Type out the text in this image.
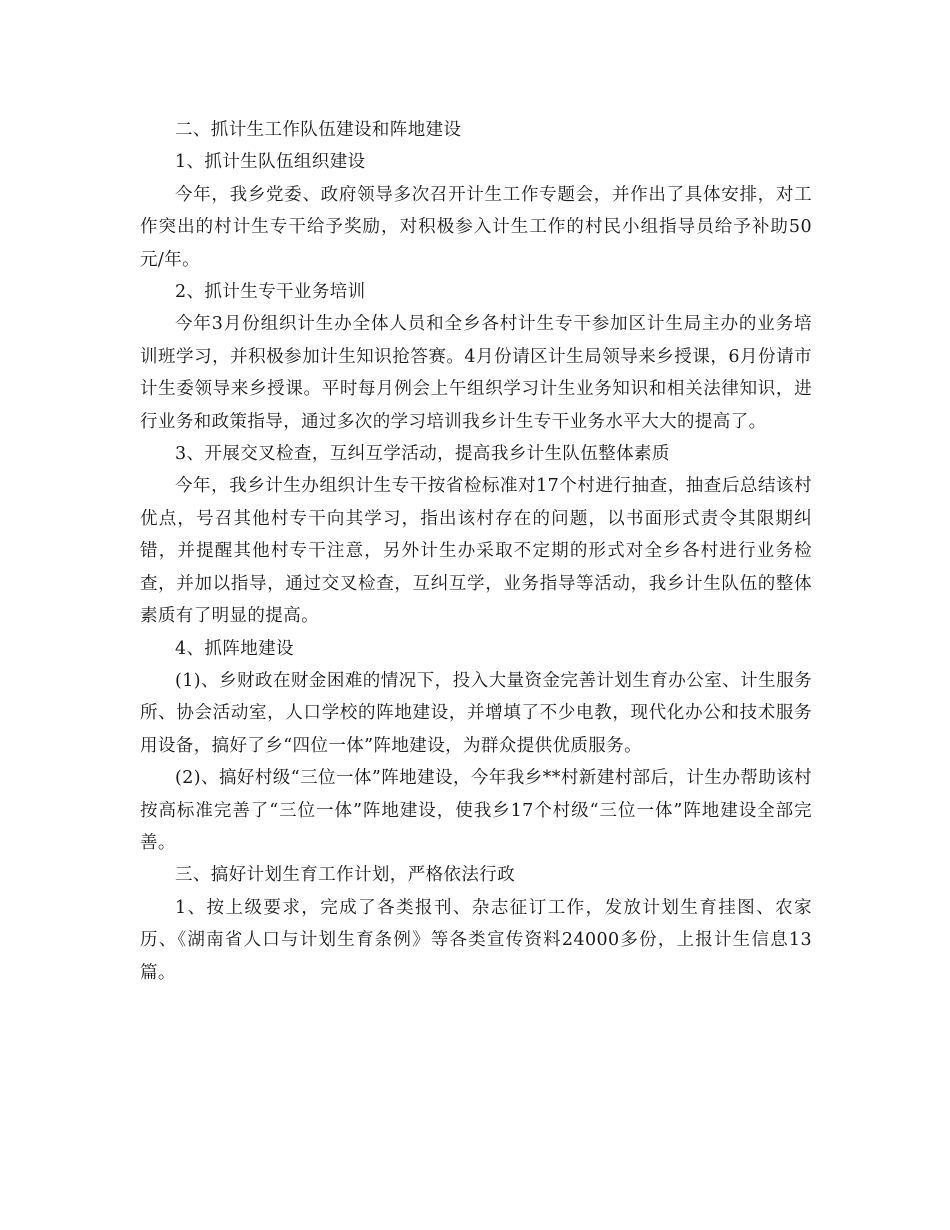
二、抓计生工作队伍建设和阵地建设

1、抓计生队伍组织建设

今年，我乡党委、政府领导多次召开计生工作专题会，并作出了具体安排，对工作突出的村计生专干给予奖励，对积极参入计生工作的村民小组指导员给予补助50元/年。

2、抓计生专干业务培训

今年3月份组织计生办全体人员和全乡各村计生专干参加区计生局主办的业务培训班学习，并积极参加计生知识抢答赛。4月份请区计生局领导来乡授课，6月份请市计生委领导来乡授课。平时每月例会上午组织学习计生业务知识和相关法律知识，进行业务和政策指导，通过多次的学习培训我乡计生专干业务水平大大的提高了。

3、开展交叉检查，互纠互学活动，提高我乡计生队伍整体素质

今年，我乡计生办组织计生专干按省检标准对17个村进行抽查，抽查后总结该村优点，号召其他村专干向其学习，指出该村存在的问题，以书面形式责令其限期纠错，并提醒其他村专干注意，另外计生办采取不定期的形式对全乡各村进行业务检查，并加以指导，通过交叉检查，互纠互学，业务指导等活动，我乡计生队伍的整体素质有了明显的提高。

4、抓阵地建设

(1)、乡财政在财金困难的情况下，投入大量资金完善计划生育办公室、计生服务所、协会活动室，人口学校的阵地建设，并增填了不少电教，现代化办公和技术服务用设备，搞好了乡“四位一体”阵地建设，为群众提供优质服务。

(2)、搞好村级“三位一体”阵地建设，今年我乡**村新建村部后，计生办帮助该村按高标准完善了“三位一体”阵地建设，使我乡17个村级“三位一体”阵地建设全部完善。

三、搞好计划生育工作计划，严格依法行政

1、按上级要求，完成了各类报刊、杂志征订工作，发放计划生育挂图、农家历、《湖南省人口与计划生育条例》等各类宣传资料24000多份，上报计生信息13篇。
